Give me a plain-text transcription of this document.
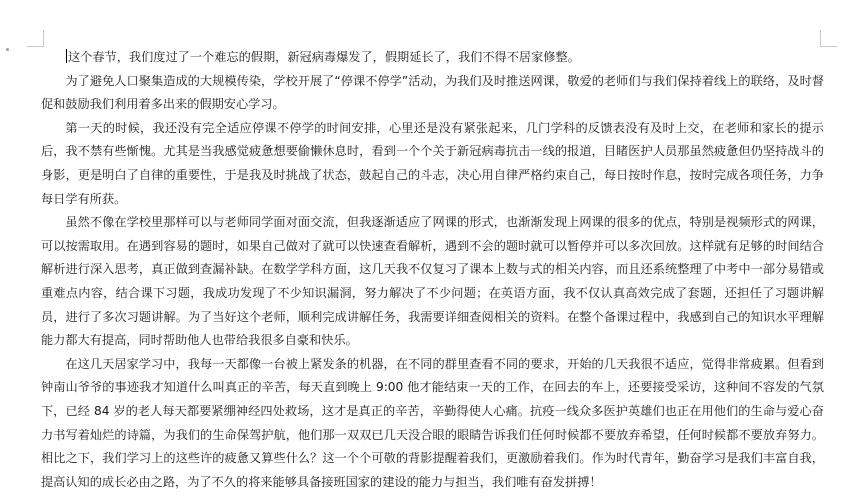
这个春节，我们度过了一个难忘的假期，新冠病毒爆发了，假期延长了，我们不得不居家修整。

为了避免人口聚集造成的大规模传染，学校开展了“停课不停学”活动，为我们及时推送网课，敬爱的老师们与我们保持着线上的联络，及时督促和鼓励我们利用着多出来的假期安心学习。

第一天的时候，我还没有完全适应停课不停学的时间安排，心里还是没有紧张起来，几门学科的反馈表没有及时上交，在老师和家长的提示后，我不禁有些惭愧。尤其是当我感觉疲惫想要偷懒休息时，看到一个个关于新冠病毒抗击一线的报道，目睹医护人员那虽然疲惫但仍坚持战斗的身影，更是明白了自律的重要性，于是我及时挑战了状态，鼓起自己的斗志，决心用自律严格约束自己，每日按时作息，按时完成各项任务，力争每日学有所获。

虽然不像在学校里那样可以与老师同学面对面交流，但我逐渐适应了网课的形式，也渐渐发现上网课的很多的优点，特别是视频形式的网课，可以按需取用。在遇到容易的题时，如果自己做对了就可以快速查看解析，遇到不会的题时就可以暂停并可以多次回放。这样就有足够的时间结合解析进行深入思考，真正做到查漏补缺。在数学学科方面，这几天我不仅复习了课本上数与式的相关内容，而且还系统整理了中考中一部分易错或重难点内容，结合课下习题，我成功发现了不少知识漏洞，努力解决了不少问题；在英语方面，我不仅认真高效完成了套题，还担任了习题讲解员，进行了多次习题讲解。为了当好这个老师，顺利完成讲解任务，我需要详细查阅相关的资料。在整个备课过程中，我感到自己的知识水平理解能力都大有提高，同时帮助他人也带给我很多自豪和快乐。

在这几天居家学习中，我每一天都像一台被上紧发条的机器，在不同的群里查看不同的要求，开始的几天我很不适应，觉得非常疲累。但看到钟南山爷爷的事迹我才知道什么叫真正的辛苦，每天直到晚上 9:00 他才能结束一天的工作，在回去的车上，还要接受采访，这种间不容发的气氛下，已经 84 岁的老人每天都要紧绷神经四处救场，这才是真正的辛苦，辛勤得使人心痛。抗疫一线众多医护英雄们也正在用他们的生命与爱心奋力书写着灿烂的诗篇，为我们的生命保驾护航，他们那一双双已几天没合眼的眼睛告诉我们任何时候都不要放弃希望，任何时候都不要放弃努力。相比之下，我们学习上的这些许的疲惫又算些什么？这一个个可敬的背影提醒着我们，更激励着我们。作为时代青年，勤奋学习是我们丰富自我，提高认知的成长必由之路，为了不久的将来能够具备接班国家的建设的能力与担当，我们唯有奋发拼搏！
